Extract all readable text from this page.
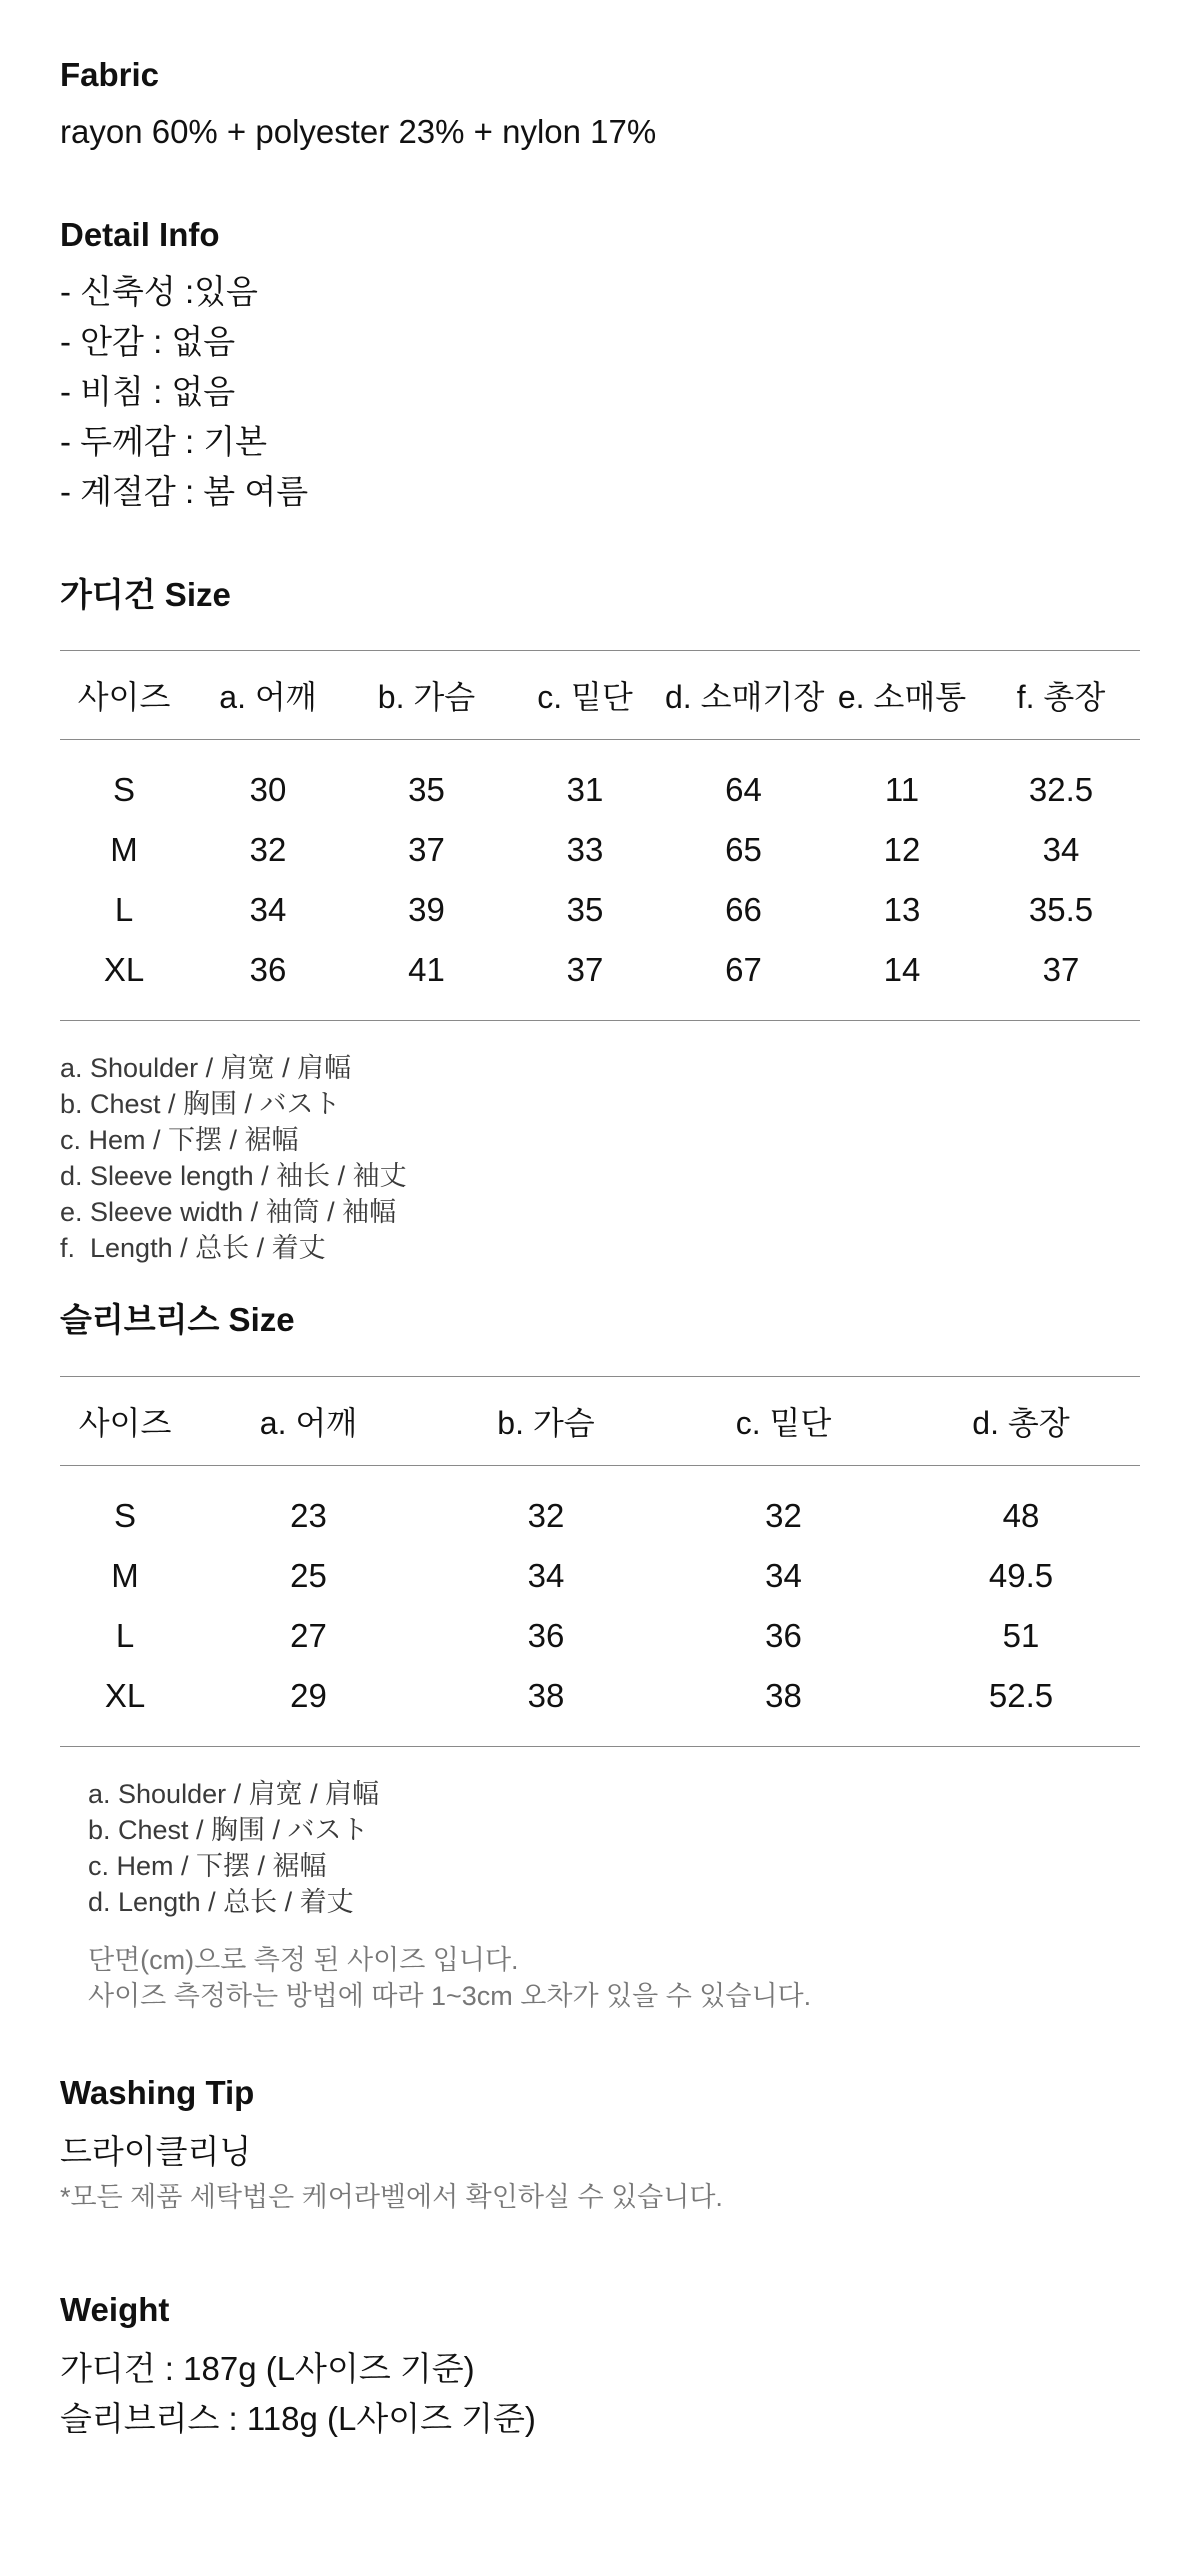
Fabric

rayon 60% + polyester 23% + nylon 17%

Detail Info

- 신축성 :있음

- 안감 : 없음

- 비침 : 없음

- 두께감 : 기본

- 계절감 : 봄 여름

가디건 Size
사이즈	a. 어깨	b. 가슴	c. 밑단	d. 소매기장	e. 소매통	f. 총장
S	30	35	31	64	11	32.5
M	32	37	33	65	12	34
L	34	39	35	66	13	35.5
XL	36	41	37	67	14	37

a. Shoulder / 肩宽 / 肩幅

b. Chest / 胸围 / バスト

c. Hem / 下摆 / 裾幅

d. Sleeve length / 袖长 / 袖丈

e. Sleeve width / 袖筒 / 袖幅

f.  Length / 总长 / 着丈

슬리브리스 Size
사이즈	a. 어깨	b. 가슴	c. 밑단	d. 총장
S	23	32	32	48
M	25	34	34	49.5
L	27	36	36	51
XL	29	38	38	52.5

a. Shoulder / 肩宽 / 肩幅

b. Chest / 胸围 / バスト

c. Hem / 下摆 / 裾幅

d. Length / 总长 / 着丈

단면(cm)으로 측정 된 사이즈 입니다.

사이즈 측정하는 방법에 따라 1~3cm 오차가 있을 수 있습니다.

Washing Tip

드라이클리닝

*모든 제품 세탁법은 케어라벨에서 확인하실 수 있습니다.

Weight

가디건 : 187g (L사이즈 기준)

슬리브리스 : 118g (L사이즈 기준)
